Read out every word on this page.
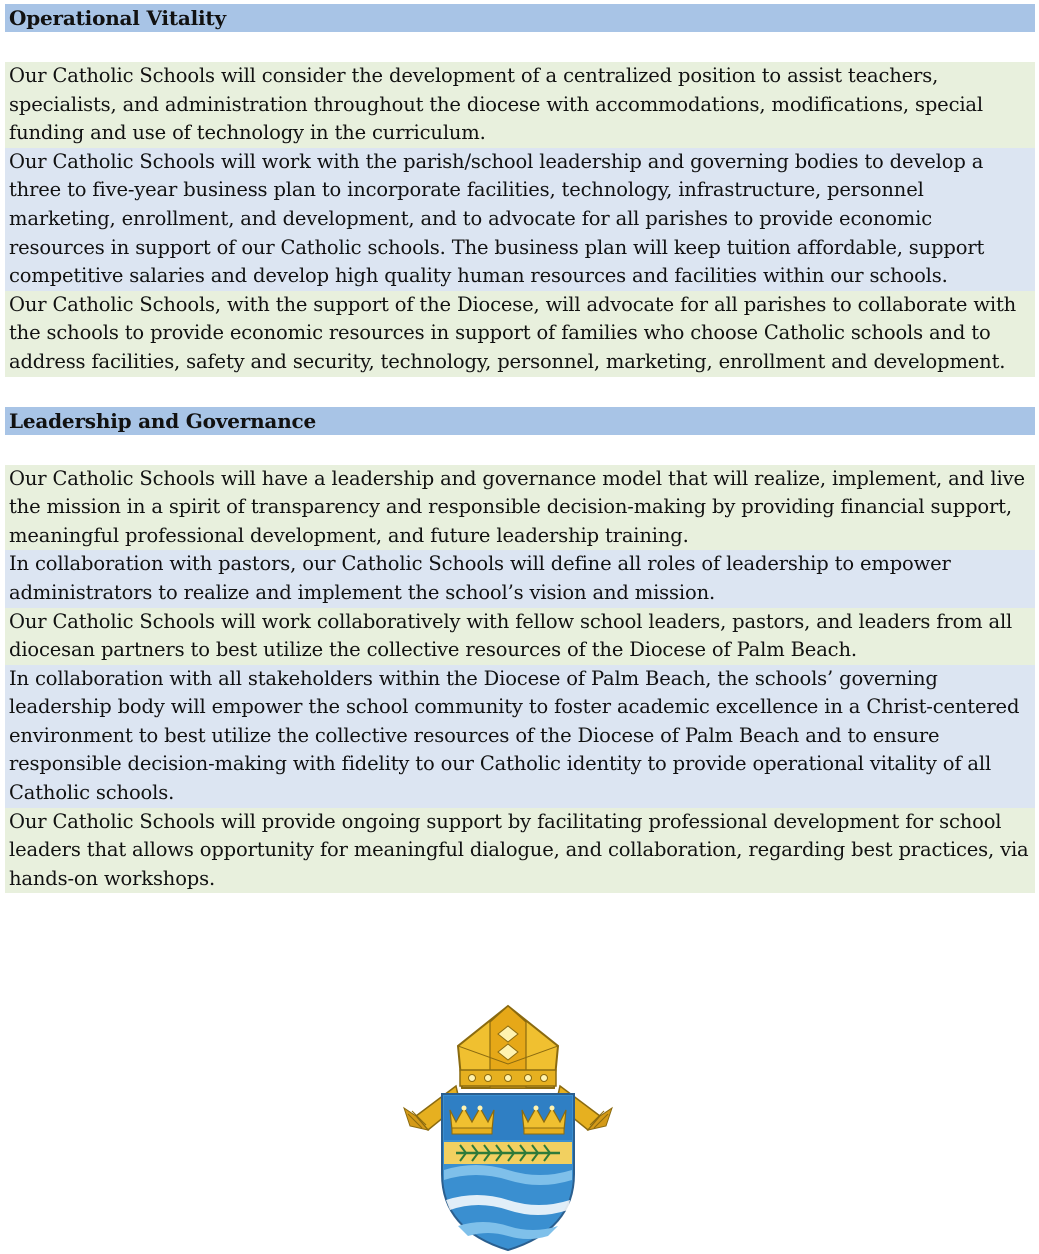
Operational Vitality
Our Catholic Schools will consider the development of a centralized position to assist teachers, specialists, and administration throughout the diocese with accommodations, modifications, special funding and use of technology in the curriculum.
Our Catholic Schools will work with the parish/school leadership and governing bodies to develop a three to five-year business plan to incorporate facilities, technology, infrastructure, personnel marketing, enrollment, and development, and to advocate for all parishes to provide economic resources in support of our Catholic schools. The business plan will keep tuition affordable, support competitive salaries and develop high quality human resources and facilities within our schools.
Our Catholic Schools, with the support of the Diocese, will advocate for all parishes to collaborate with the schools to provide economic resources in support of families who choose Catholic schools and to address facilities, safety and security, technology, personnel, marketing, enrollment and development.
Leadership and Governance
Our Catholic Schools will have a leadership and governance model that will realize, implement, and live the mission in a spirit of transparency and responsible decision-making by providing financial support, meaningful professional development, and future leadership training.
In collaboration with pastors, our Catholic Schools will define all roles of leadership to empower administrators to realize and implement the school’s vision and mission.
Our Catholic Schools will work collaboratively with fellow school leaders, pastors, and leaders from all diocesan partners to best utilize the collective resources of the Diocese of Palm Beach.
In collaboration with all stakeholders within the Diocese of Palm Beach, the schools’ governing leadership body will empower the school community to foster academic excellence in a Christ-centered environment to best utilize the collective resources of the Diocese of Palm Beach and to ensure responsible decision-making with fidelity to our Catholic identity to provide operational vitality of all Catholic schools.
Our Catholic Schools will provide ongoing support by facilitating professional development for school leaders that allows opportunity for meaningful dialogue, and collaboration, regarding best practices, via hands-on workshops.
